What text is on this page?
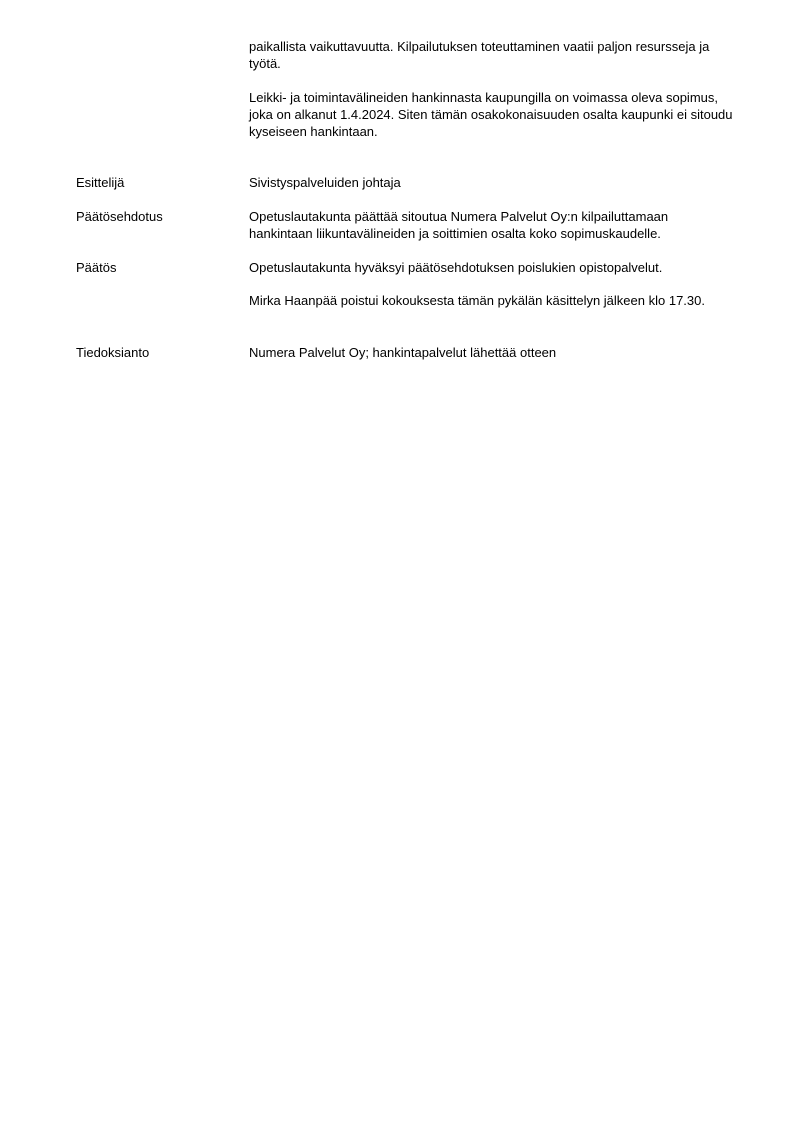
paikallista vaikuttavuutta. Kilpailutuksen toteuttaminen vaatii paljon resursseja ja työtä.

Leikki- ja toimintavälineiden hankinnasta kaupungilla on voimassa oleva sopimus, joka on alkanut 1.4.2024. Siten tämän osakokonaisuuden osalta kaupunki ei sitoudu kyseiseen hankintaan.

Esittelijä	Sivistyspalveluiden johtaja

Päätösehdotus	Opetuslautakunta päättää sitoutua Numera Palvelut Oy:n kilpailuttamaan hankintaan liikuntavälineiden ja soittimien osalta koko sopimuskaudelle.

Päätös	Opetuslautakunta hyväksyi päätösehdotuksen poislukien opistopalvelut.

Mirka Haanpää poistui kokouksesta tämän pykälän käsittelyn jälkeen klo 17.30.

Tiedoksianto	Numera Palvelut Oy; hankintapalvelut lähettää otteen
